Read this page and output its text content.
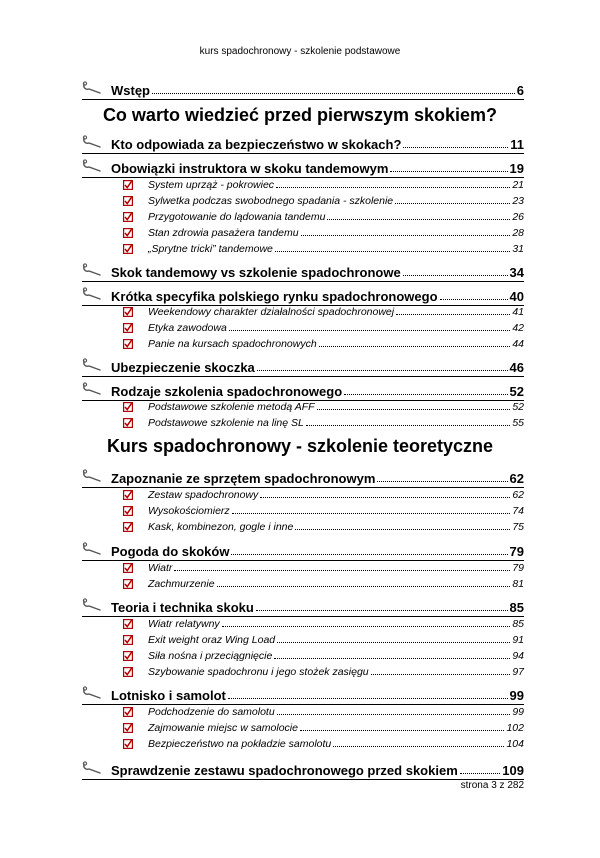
kurs spadochronowy - szkolenie podstawowe
Wstęp	6
Co warto wiedzieć przed pierwszym skokiem?
Kto odpowiada za bezpieczeństwo w skokach?	11
Obowiązki instruktora w skoku tandemowym	19
System uprząż - pokrowiec	21
Sylwetka podczas swobodnego spadania - szkolenie	23
Przygotowanie do lądowania tandemu	26
Stan zdrowia pasażera tandemu	28
„Sprytne tricki” tandemowe	31
Skok tandemowy vs szkolenie spadochronowe	34
Krótka specyfika polskiego rynku spadochronowego	40
Weekendowy charakter działalności spadochronowej	41
Etyka zawodowa	42
Panie na kursach spadochronowych	44
Ubezpieczenie skoczka	46
Rodzaje szkolenia spadochronowego	52
Podstawowe szkolenie metodą AFF	52
Podstawowe szkolenie na linę SL	55
Kurs spadochronowy - szkolenie teoretyczne
Zapoznanie ze sprzętem spadochronowym	62
Zestaw spadochronowy	62
Wysokościomierz	74
Kask, kombinezon, gogle i inne	75
Pogoda do skoków	79
Wiatr	79
Zachmurzenie	81
Teoria i technika skoku	85
Wiatr relatywny	85
Exit weight oraz Wing Load	91
Siła nośna i przeciągnięcie	94
Szybowanie spadochronu i jego stożek zasięgu	97
Lotnisko i samolot	99
Podchodzenie do samolotu	99
Zajmowanie miejsc w samolocie	102
Bezpieczeństwo na pokładzie samolotu	104
Sprawdzenie zestawu spadochronowego przed skokiem	109
strona 3 z 282
